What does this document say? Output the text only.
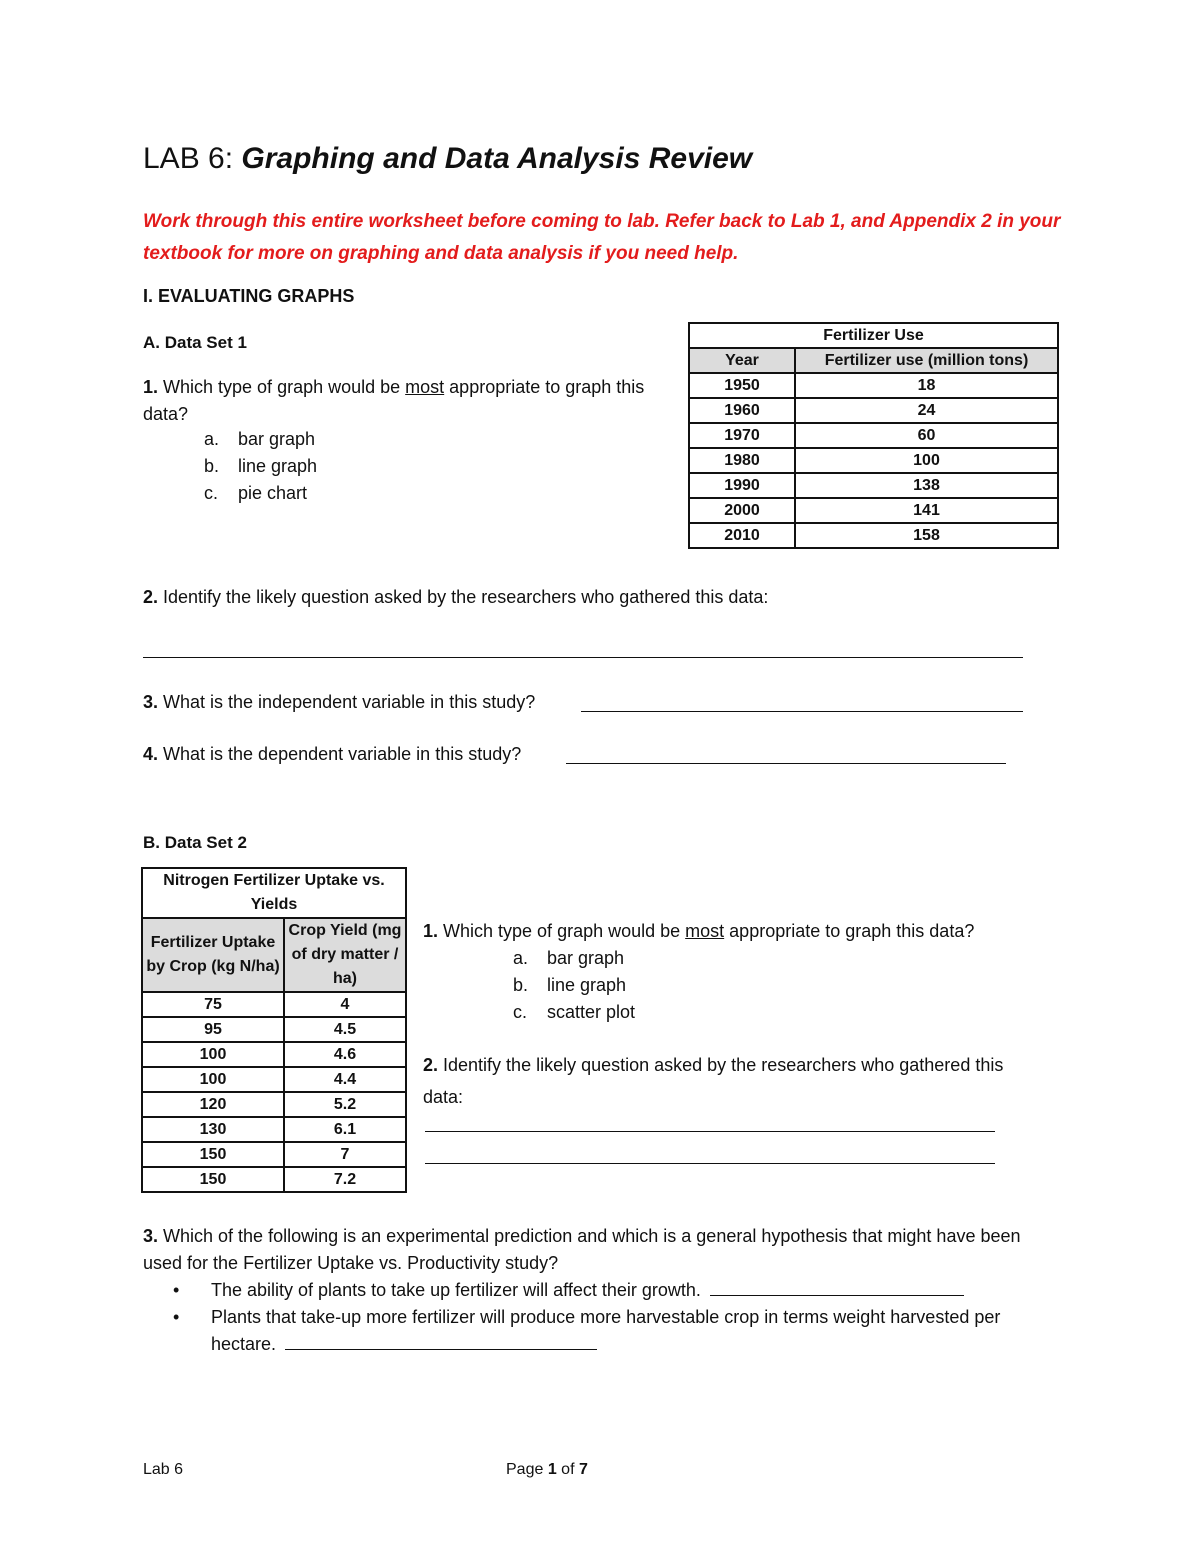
LAB 6: Graphing and Data Analysis Review
Work through this entire worksheet before coming to lab. Refer back to Lab 1, and Appendix 2 in your textbook for more on graphing and data analysis if you need help.
I. EVALUATING GRAPHS
A. Data Set 1
1. Which type of graph would be most appropriate to graph this data?
a. bar graph
b. line graph
c. pie chart
Fertilizer Use	
Year	Fertilizer use (million tons)
1950	18
1960	24
1970	60
1980	100
1990	138
2000	141
2010	158
2. Identify the likely question asked by the researchers who gathered this data:
3. What is the independent variable in this study?
4. What is the dependent variable in this study?
B. Data Set 2
Nitrogen Fertilizer Uptake vs. Yields	
Fertilizer Uptake by Crop (kg N/ha)	Crop Yield (mg of dry matter / ha)
75	4
95	4.5
100	4.6
100	4.4
120	5.2
130	6.1
150	7
150	7.2
1. Which type of graph would be most appropriate to graph this data?
a. bar graph
b. line graph
c. scatter plot
2. Identify the likely question asked by the researchers who gathered this data:
3. Which of the following is an experimental prediction and which is a general hypothesis that might have been used for the Fertilizer Uptake vs. Productivity study?
• The ability of plants to take up fertilizer will affect their growth.
• Plants that take-up more fertilizer will produce more harvestable crop in terms weight harvested per hectare.
Lab 6	Page 1 of 7
